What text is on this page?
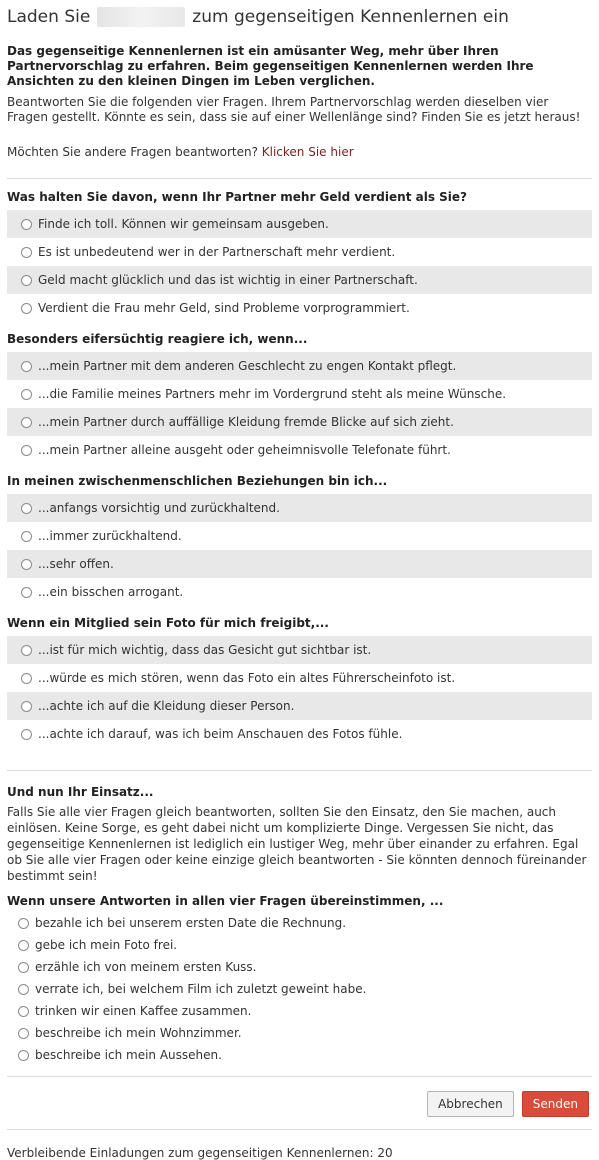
Laden Sie	zum gegenseitigen Kennenlernen ein
Das gegenseitige Kennenlernen ist ein amüsanter Weg, mehr über Ihren Partnervorschlag zu erfahren. Beim gegenseitigen Kennenlernen werden Ihre Ansichten zu den kleinen Dingen im Leben verglichen.
Beantworten Sie die folgenden vier Fragen. Ihrem Partnervorschlag werden dieselben vier Fragen gestellt. Könnte es sein, dass sie auf einer Wellenlänge sind? Finden Sie es jetzt heraus!
Möchten Sie andere Fragen beantworten? Klicken Sie hier
Was halten Sie davon, wenn Ihr Partner mehr Geld verdient als Sie?
Finde ich toll. Können wir gemeinsam ausgeben.
Es ist unbedeutend wer in der Partnerschaft mehr verdient.
Geld macht glücklich und das ist wichtig in einer Partnerschaft.
Verdient die Frau mehr Geld, sind Probleme vorprogrammiert.
Besonders eifersüchtig reagiere ich, wenn...
...mein Partner mit dem anderen Geschlecht zu engen Kontakt pflegt.
...die Familie meines Partners mehr im Vordergrund steht als meine Wünsche.
...mein Partner durch auffällige Kleidung fremde Blicke auf sich zieht.
...mein Partner alleine ausgeht oder geheimnisvolle Telefonate führt.
In meinen zwischenmenschlichen Beziehungen bin ich...
...anfangs vorsichtig und zurückhaltend.
...immer zurückhaltend.
...sehr offen.
...ein bisschen arrogant.
Wenn ein Mitglied sein Foto für mich freigibt,...
...ist für mich wichtig, dass das Gesicht gut sichtbar ist.
...würde es mich stören, wenn das Foto ein altes Führerscheinfoto ist.
...achte ich auf die Kleidung dieser Person.
...achte ich darauf, was ich beim Anschauen des Fotos fühle.
Und nun Ihr Einsatz...
Falls Sie alle vier Fragen gleich beantworten, sollten Sie den Einsatz, den Sie machen, auch einlösen. Keine Sorge, es geht dabei nicht um komplizierte Dinge. Vergessen Sie nicht, das gegenseitige Kennenlernen ist lediglich ein lustiger Weg, mehr über einander zu erfahren. Egal ob Sie alle vier Fragen oder keine einzige gleich beantworten - Sie könnten dennoch füreinander bestimmt sein!
Wenn unsere Antworten in allen vier Fragen übereinstimmen, ...
bezahle ich bei unserem ersten Date die Rechnung.
gebe ich mein Foto frei.
erzähle ich von meinem ersten Kuss.
verrate ich, bei welchem Film ich zuletzt geweint habe.
trinken wir einen Kaffee zusammen.
beschreibe ich mein Wohnzimmer.
beschreibe ich mein Aussehen.
Abbrechen	Senden
Verbleibende Einladungen zum gegenseitigen Kennenlernen: 20
